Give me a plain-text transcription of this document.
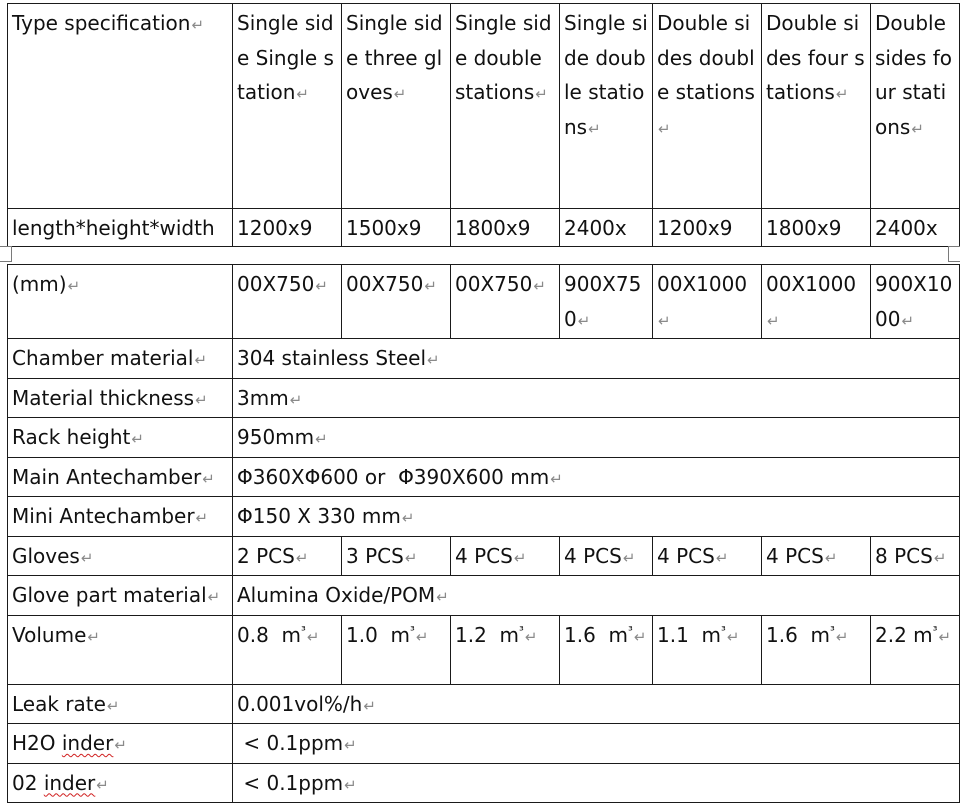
Type specification↵	Single side Single station↵	Single side three gloves↵	Single side double stations↵	Single side double stations↵	Double sides double stations↵	Double sides four stations↵	Double sides four stations↵
length*height*width	1200x9	1500x9	1800x9	2400x	1200x9	1800x9	2400x
(mm)↵	00X750↵	00X750↵	00X750↵	900X750↵	00X1000↵	00X1000↵	900X1000↵
Chamber material↵	304 stainless Steel↵						
Material thickness↵	3mm↵						
Rack height↵	950mm↵						
Main Antechamber↵	Φ360XΦ600 or  Φ390X600 mm↵						
Mini Antechamber↵	Φ150 X 330 mm↵						
Gloves↵	2 PCS↵	3 PCS↵	4 PCS↵	4 PCS↵	4 PCS↵	4 PCS↵	8 PCS↵
Glove part material↵	Alumina Oxide/POM↵						
Volume↵	0.8  $m^{^3}↵$	1.0  $m^{^3}↵$	1.2  $m^{^3}↵$	1.6  $m^{^3}↵$	1.1  $m^{^3}↵$	1.6  $m^{^3}↵$	2.2 $m^{^3}↵$
Leak rate↵	0.001vol%/h↵						
H2O inder↵	< 0.1ppm↵						
02 inder↵	< 0.1ppm↵						
